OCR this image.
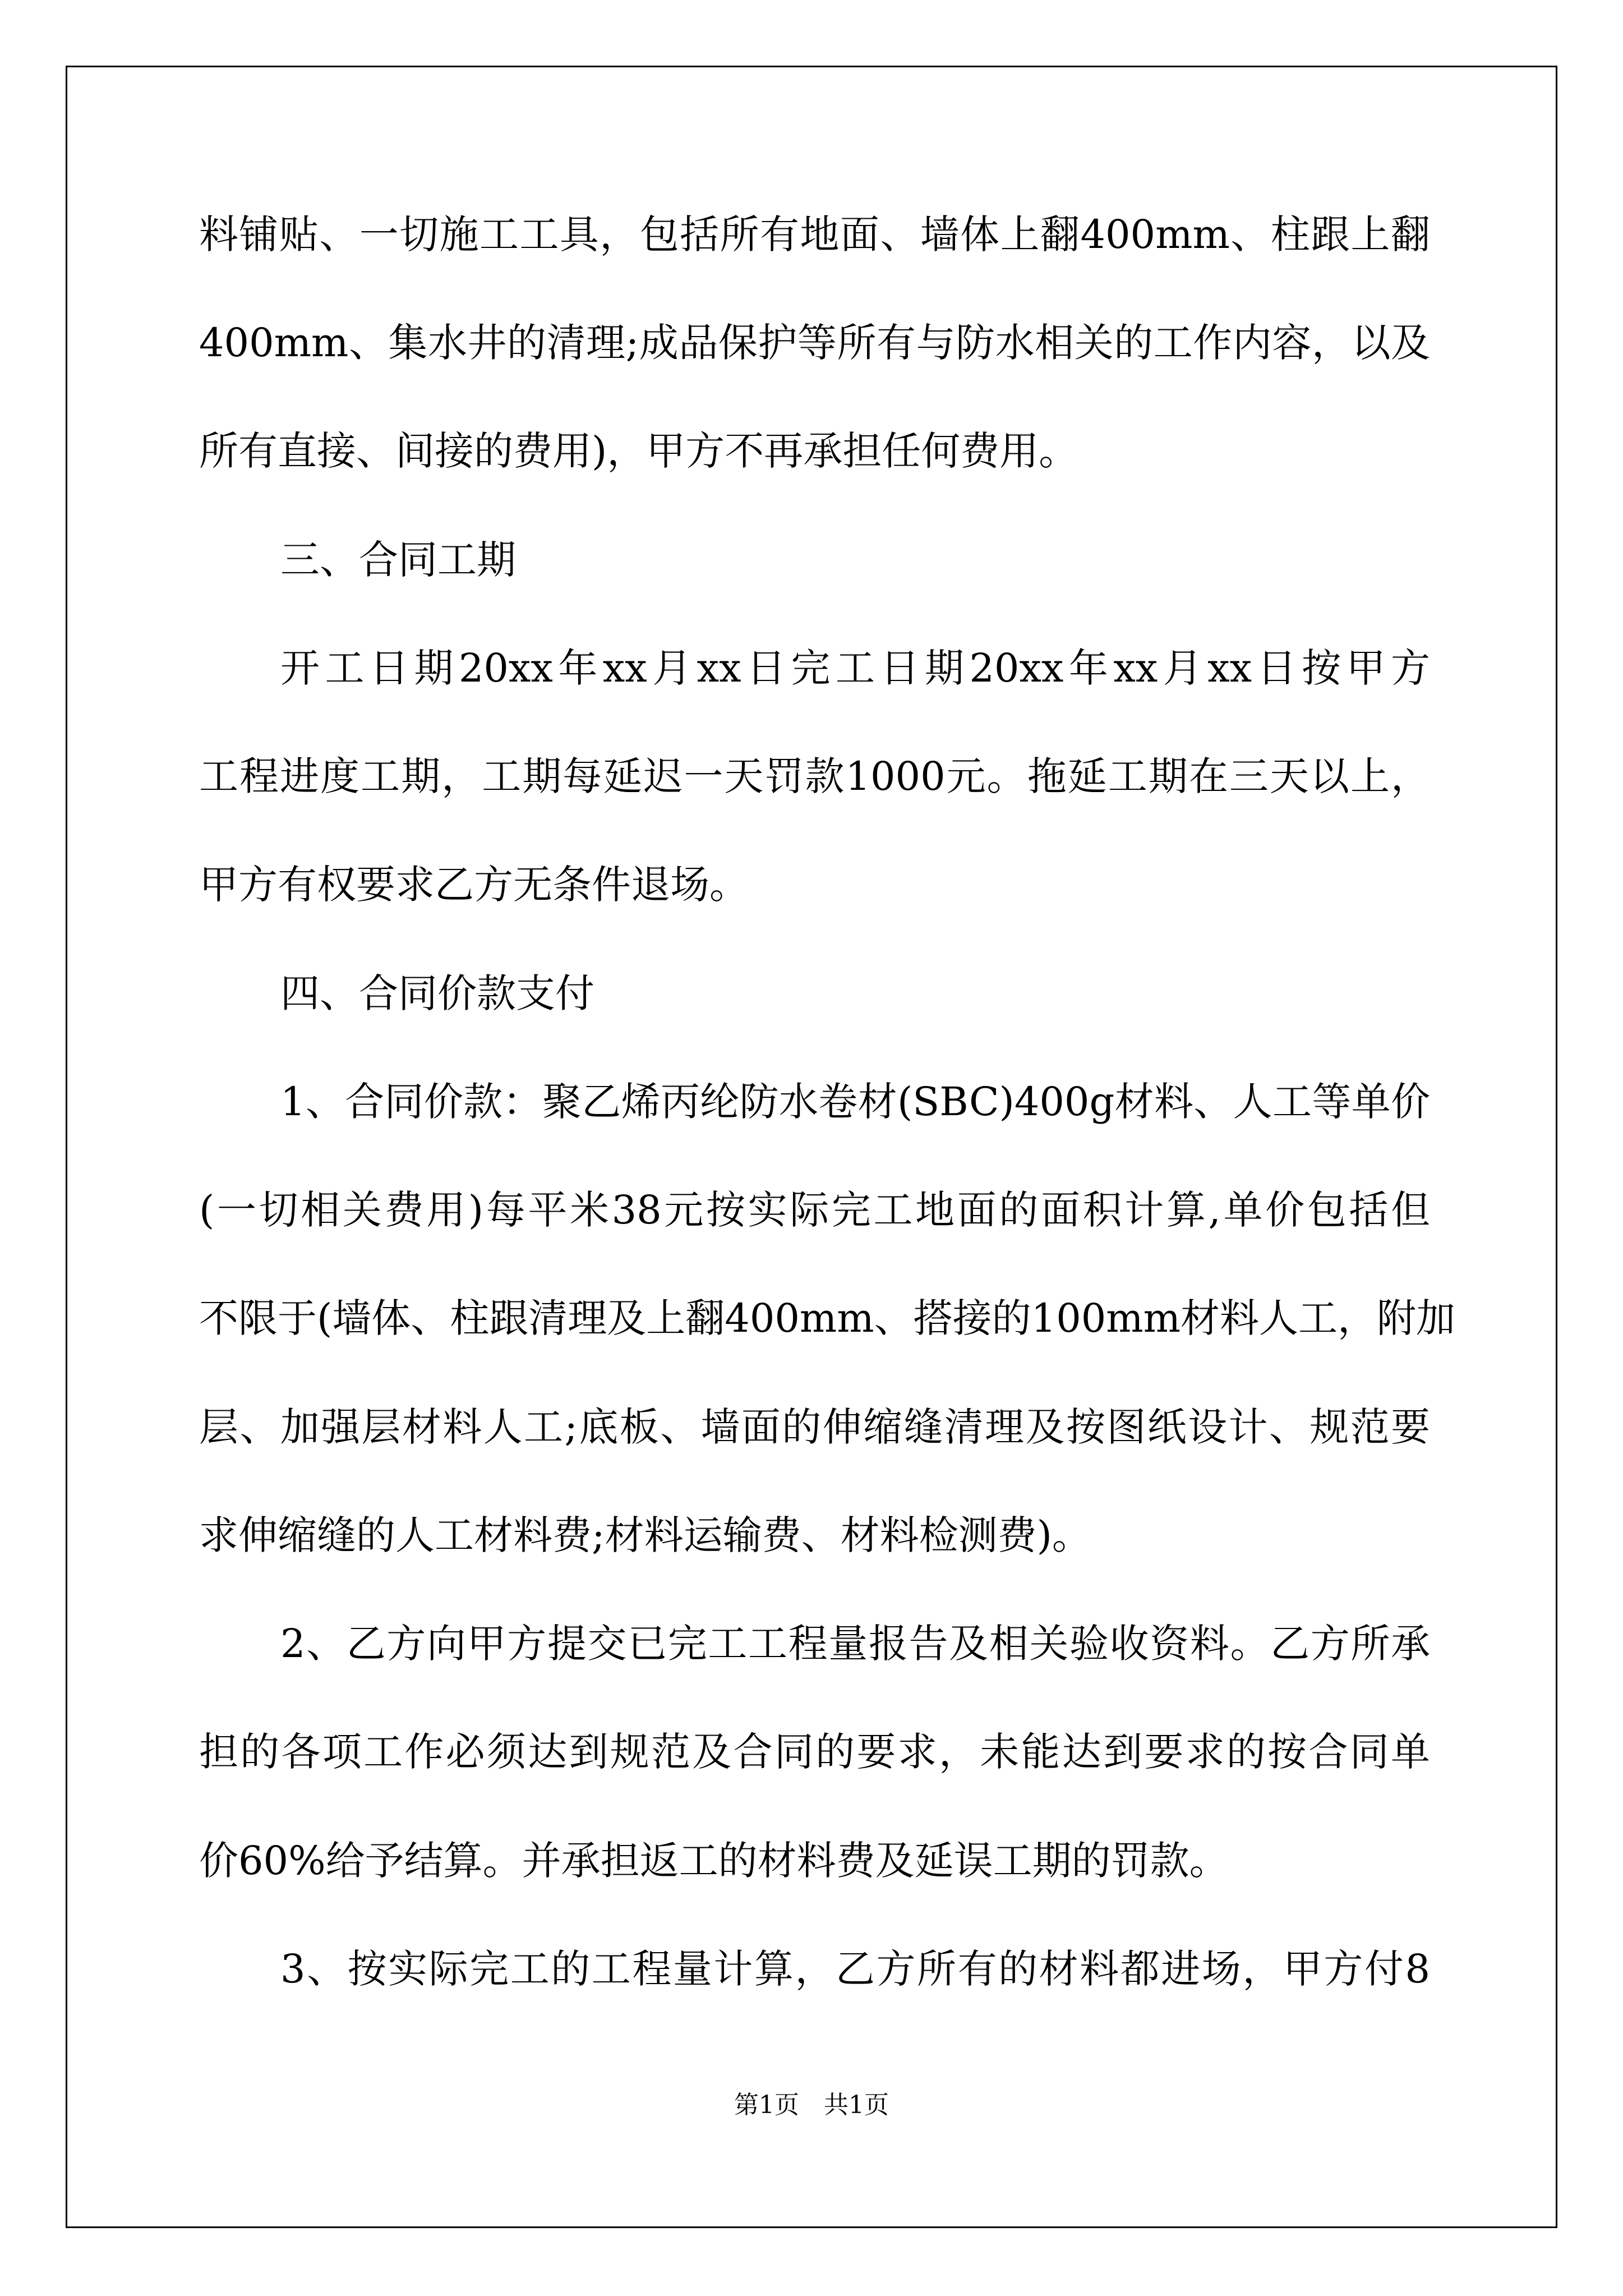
料铺贴、一切施工工具，包括所有地面、墙体上翻400mm、柱跟上翻
400mm、集水井的清理;成品保护等所有与防水相关的工作内容，以及
所有直接、间接的费用)，甲方不再承担任何费用。
三、合同工期
开工日期20xx年xx月xx日完工日期20xx年xx月xx日按甲方
工程进度工期，工期每延迟一天罚款1000元。拖延工期在三天以上，
甲方有权要求乙方无条件退场。
四、合同价款支付
1、合同价款：聚乙烯丙纶防水卷材(SBC)400g材料、人工等单价
(一切相关费用)每平米38元按实际完工地面的面积计算,单价包括但
不限于(墙体、柱跟清理及上翻400mm、搭接的100mm材料人工，附加
层、加强层材料人工;底板、墙面的伸缩缝清理及按图纸设计、规范要
求伸缩缝的人工材料费;材料运输费、材料检测费)。
2、乙方向甲方提交已完工工程量报告及相关验收资料。乙方所承
担的各项工作必须达到规范及合同的要求，未能达到要求的按合同单
价60%给予结算。并承担返工的材料费及延误工期的罚款。
3、按实际完工的工程量计算，乙方所有的材料都进场，甲方付8
第1页　共1页
